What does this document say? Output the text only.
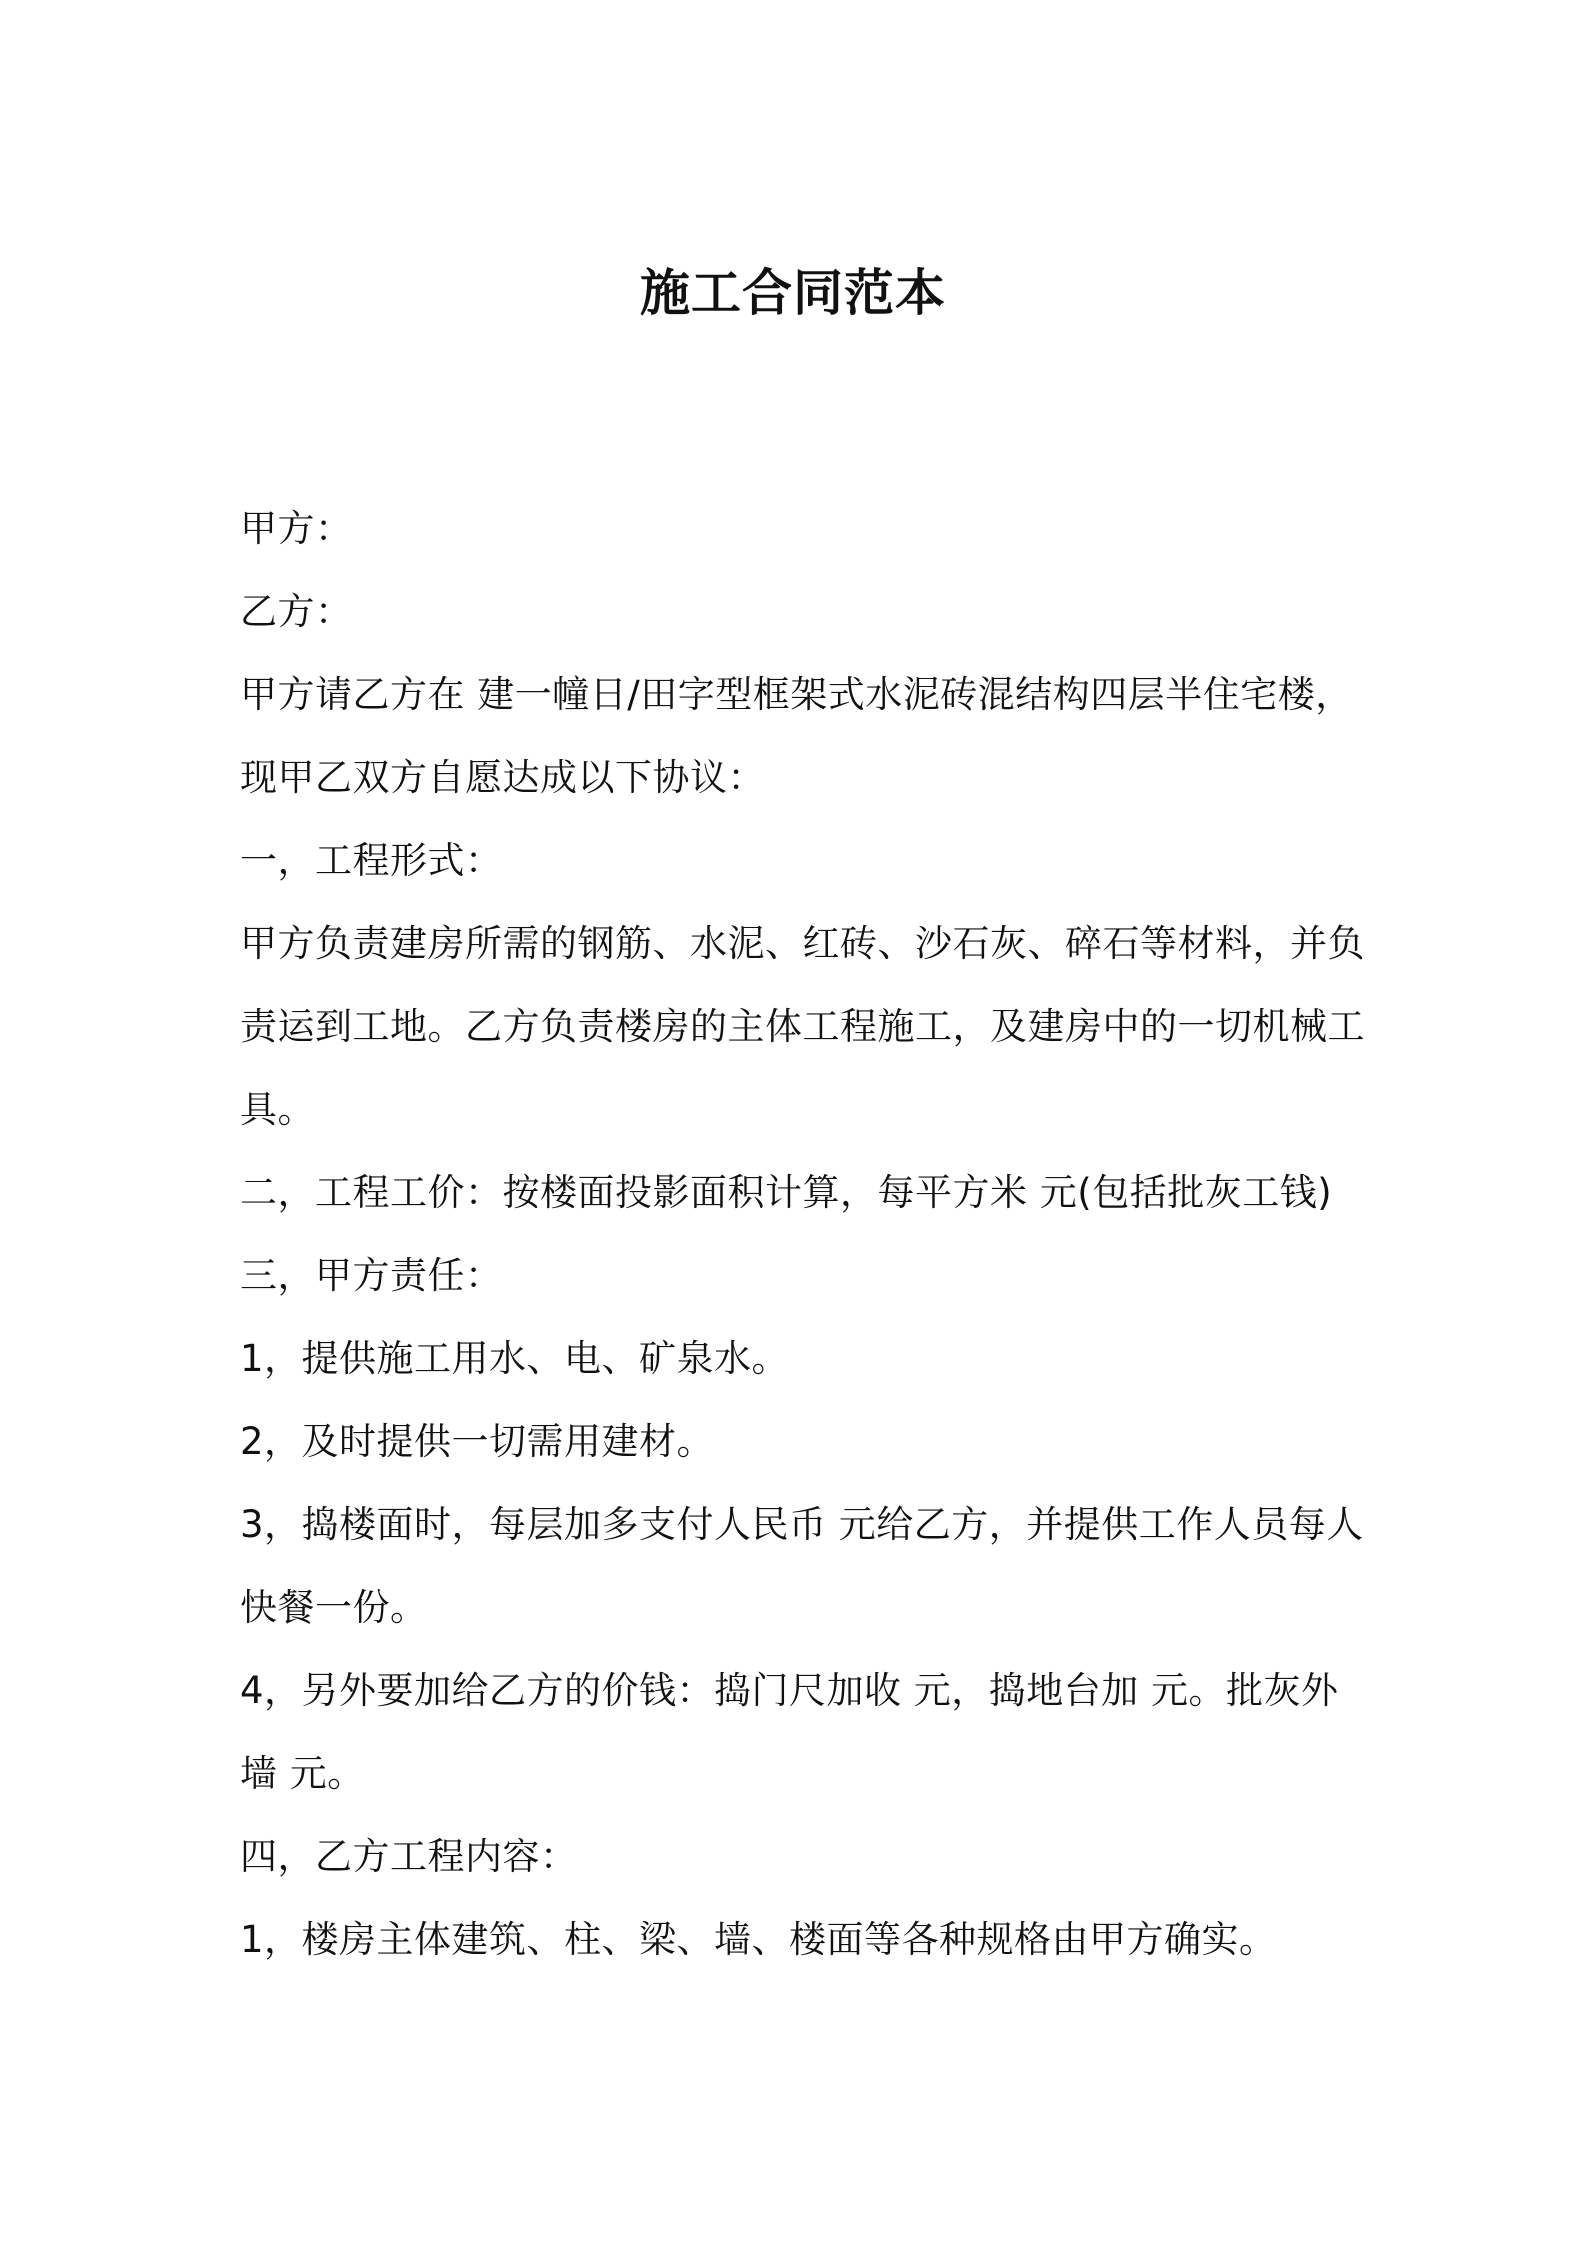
施工合同范本
甲方：
乙方：
甲方请乙方在 建一幢日/田字型框架式水泥砖混结构四层半住宅楼，
现甲乙双方自愿达成以下协议：
一，工程形式：
甲方负责建房所需的钢筋、水泥、红砖、沙石灰、碎石等材料，并负
责运到工地。乙方负责楼房的主体工程施工，及建房中的一切机械工
具。
二，工程工价：按楼面投影面积计算，每平方米 元(包括批灰工钱)
三，甲方责任：
1，提供施工用水、电、矿泉水。
2，及时提供一切需用建材。
3，捣楼面时，每层加多支付人民币 元给乙方，并提供工作人员每人
快餐一份。
4，另外要加给乙方的价钱：捣门尺加收 元，捣地台加 元。批灰外
墙 元。
四，乙方工程内容：
1，楼房主体建筑、柱、梁、墙、楼面等各种规格由甲方确实。
